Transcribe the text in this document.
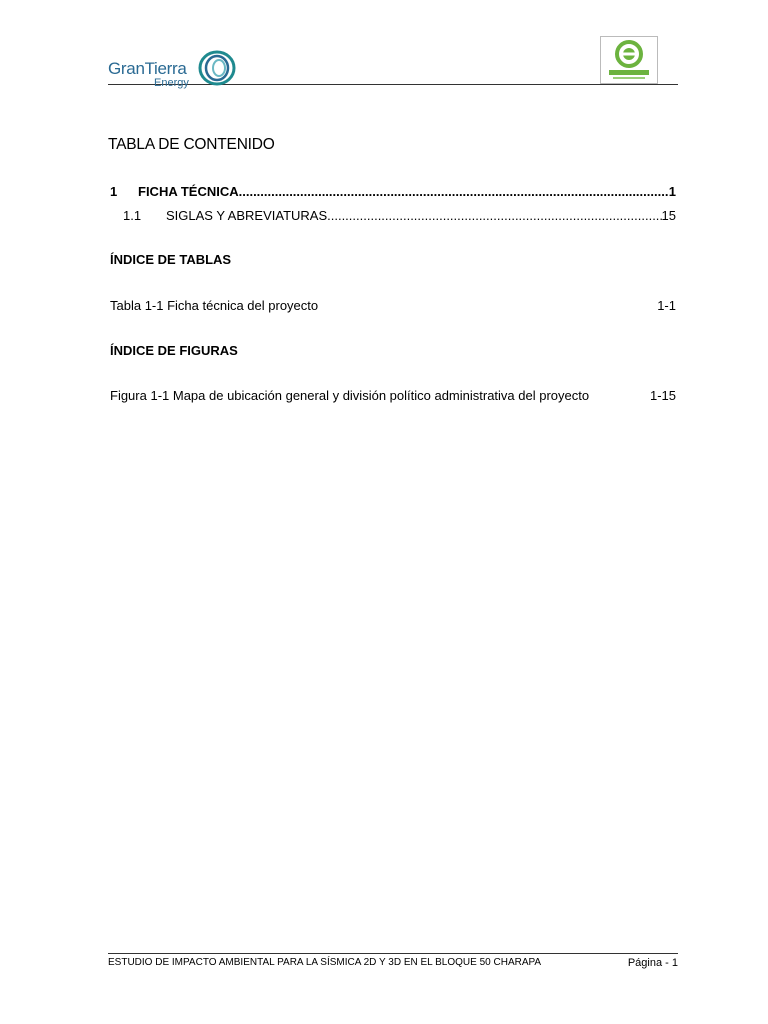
GranTierra
Energy
TABLA DE CONTENIDO
1	FICHA TÉCNICA .....	1
1.1	SIGLAS Y ABREVIATURAS .....	15
ÍNDICE DE TABLAS
Tabla 1-1 Ficha técnica del proyecto	1-1
ÍNDICE DE FIGURAS
Figura 1-1 Mapa de ubicación general y división político administrativa del proyecto	1-15
ESTUDIO DE IMPACTO AMBIENTAL PARA LA SÍSMICA 2D Y 3D EN EL BLOQUE 50 CHARAPA	Página - 1
